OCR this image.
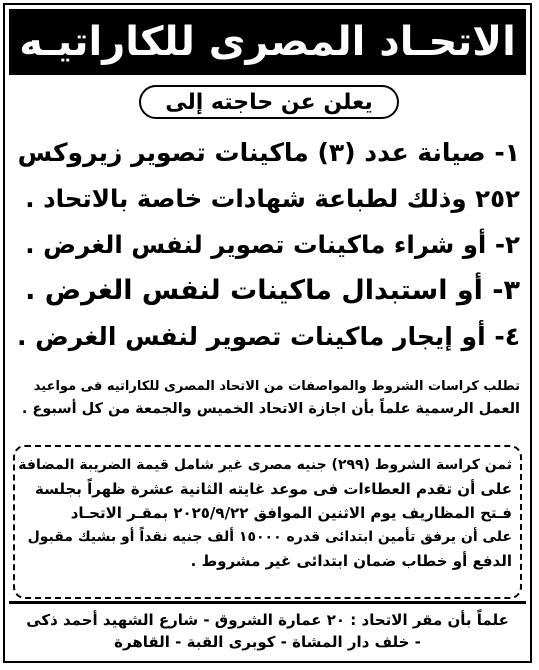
الاتحـاد المصرى للكاراتيـه
يعلن عن حاجته إلى
١- صيانة عدد (٣) ماكينات تصوير زيروكس
٢٥٢ وذلك لطباعة شهادات خاصة بالاتحاد .
٢- أو شراء ماكينات تصوير لنفس الغرض .
٣- أو استبدال ماكينات لنفس الغرض .
٤- أو إيجار ماكينات تصوير لنفس الغرض .
تطلب كراسات الشروط والمواصفات من الاتحاد المصرى للكاراتيه فى مواعيد
العمل الرسمية علماً بأن اجازة الاتحاد الخميس والجمعة من كل أسبوع .
ثمن كراسة الشروط (٢٩٩) جنيه مصرى غير شامل قيمة الضريبة المضافة
على أن تقدم العطاءات فى موعد غايته الثانية عشرة ظهراً بجلسة
فـتح المظاريف يوم الاثنين الموافق ٢٠٢٥/٩/٢٢ بمقـر الاتحـاد
على أن يرفق تأمين ابتدائى قدره ١٥٠٠٠ ألف جنيه نقداً أو بشيك مقبول
الدفع أو خطاب ضمان ابتدائى غير مشروط .
علماً بأن مقر الاتحاد : ٢٠ عمارة الشروق - شارع الشهيد أحمد ذكى
- خلف دار المشاة - كوبرى القبة - القاهرة
